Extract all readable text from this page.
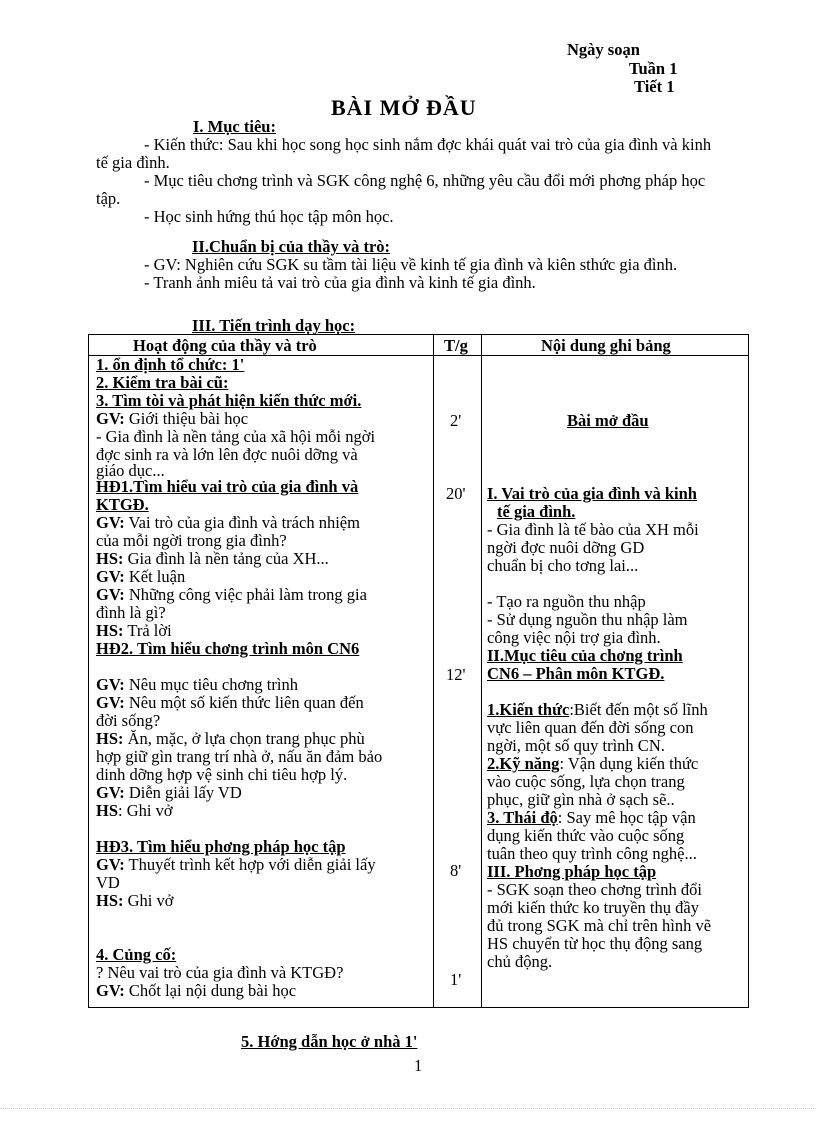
Ngày soạn
Tuần 1
Tiết 1
BÀI MỞ ĐẦU
I. Mục tiêu:

- Kiến thức: Sau khi học song học sinh nắm đợc khái quát vai trò của gia đình và kinh tế gia đình.

- Mục tiêu chơng trình và SGK công nghệ 6, những yêu cầu đổi mới phơng pháp học tập.

- Học sinh hứng thú học tập môn học.

II.Chuẩn bị của thầy và trò:

- GV: Nghiên cứu SGK su tầm tài liệu về kinh tế gia đình và kiên sthức gia đình.

- Tranh ảnh miêu tả vai trò của gia đình và kinh tế gia đình.

III. Tiến trình dạy học:
Hoạt động của thầy và trò	T/g	Nội dung ghi bảng
1. ổn định tổ chức: 1'
2. Kiểm tra bài cũ:
3. Tìm tòi và phát hiện kiến thức mới.
GV: Giới thiệu bài học
- Gia đình là nền tảng của xã hội mỗi ngời
đợc sinh ra và lớn lên đợc nuôi dỡng và
giáo dục...
HĐ1.Tìm hiểu vai trò của gia đình và
KTGĐ.
GV: Vai trò của gia đình và trách nhiệm
của mỗi ngời trong gia đình?
HS: Gia đình là nền tảng của XH...
GV: Kết luận
GV: Những công việc phải làm trong gia
đình là gì?
HS: Trả lời
HĐ2. Tìm hiểu chơng trình môn CN6

GV: Nêu mục tiêu chơng trình
GV: Nêu một số kiến thức liên quan đến
đời sống?
HS: Ăn, mặc, ở lựa chọn trang phục phù
hợp giữ gìn trang trí nhà ở, nấu ăn đảm bảo
dinh dỡng hợp vệ sinh chi tiêu hợp lý.
GV: Diễn giải lấy VD
HS: Ghi vở

HĐ3. Tìm hiểu phơng pháp học tập
GV: Thuyết trình kết hợp với diễn giải lấy
VD
HS: Ghi vở

4. Củng cố:
? Nêu vai trò của gia đình và KTGĐ?
GV: Chốt lại nội dung bài học
2'
20'
12'
8'
1'
Bài mở đầu
I. Vai trò của gia đình và kinh
tế gia đình.
- Gia đình là tế bào của XH mỗi
ngời đợc nuôi dỡng GD
chuẩn bị cho tơng lai...

- Tạo ra nguồn thu nhập
- Sử dụng nguồn thu nhập làm
công việc nội trợ gia đình.
II.Mục tiêu của chơng trình
CN6 – Phân môn KTGĐ.

1.Kiến thức:Biết đến một số lĩnh
vực liên quan đến đời sống con
ngời, một số quy trình CN.
2.Kỹ năng: Vận dụng kiến thức
vào cuộc sống, lựa chọn trang
phục, giữ gìn nhà ở sạch sẽ..
3. Thái độ: Say mê học tập vận
dụng kiến thức vào cuộc sống
tuân theo quy trình công nghệ...
III. Phơng pháp học tập
- SGK soạn theo chơng trình đổi
mới kiến thức ko truyền thụ đầy
đủ trong SGK mà chỉ trên hình vẽ
HS chuyển từ học thụ động sang
chủ động.
5. Hớng dẫn học ở nhà 1'
1
